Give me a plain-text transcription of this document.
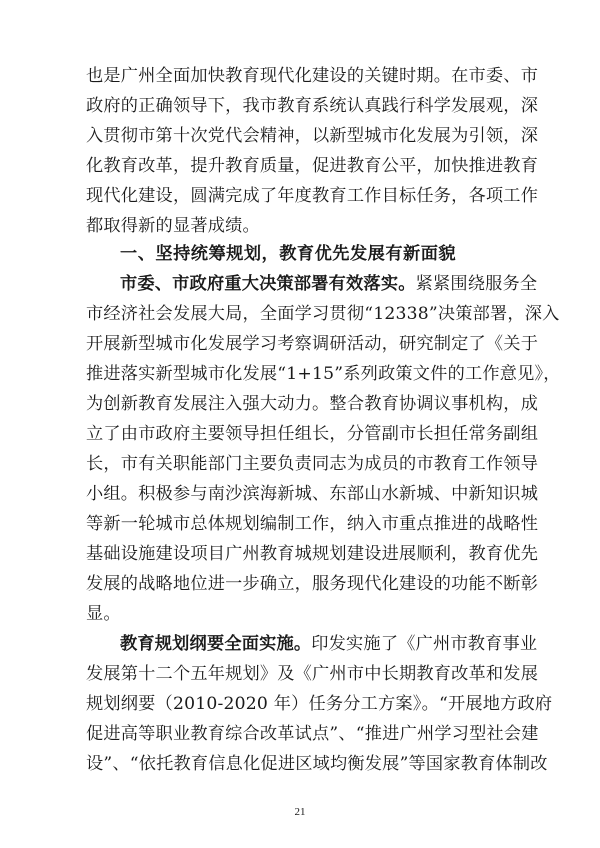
也是广州全面加快教育现代化建设的关键时期。在市委、市
政府的正确领导下，我市教育系统认真践行科学发展观，深
入贯彻市第十次党代会精神，以新型城市化发展为引领，深
化教育改革，提升教育质量，促进教育公平，加快推进教育
现代化建设，圆满完成了年度教育工作目标任务，各项工作
都取得新的显著成绩。
一、坚持统筹规划，教育优先发展有新面貌
市委、市政府重大决策部署有效落实。紧紧围绕服务全
市经济社会发展大局，全面学习贯彻“12338”决策部署，深入
开展新型城市化发展学习考察调研活动，研究制定了《关于
推进落实新型城市化发展“1+15”系列政策文件的工作意见》，
为创新教育发展注入强大动力。整合教育协调议事机构，成
立了由市政府主要领导担任组长，分管副市长担任常务副组
长，市有关职能部门主要负责同志为成员的市教育工作领导
小组。积极参与南沙滨海新城、东部山水新城、中新知识城
等新一轮城市总体规划编制工作，纳入市重点推进的战略性
基础设施建设项目广州教育城规划建设进展顺利，教育优先
发展的战略地位进一步确立，服务现代化建设的功能不断彰
显。
教育规划纲要全面实施。印发实施了《广州市教育事业
发展第十二个五年规划》及《广州市中长期教育改革和发展
规划纲要（2010-2020 年）任务分工方案》。“开展地方政府
促进高等职业教育综合改革试点”、“推进广州学习型社会建
设”、“依托教育信息化促进区域均衡发展”等国家教育体制改
21
